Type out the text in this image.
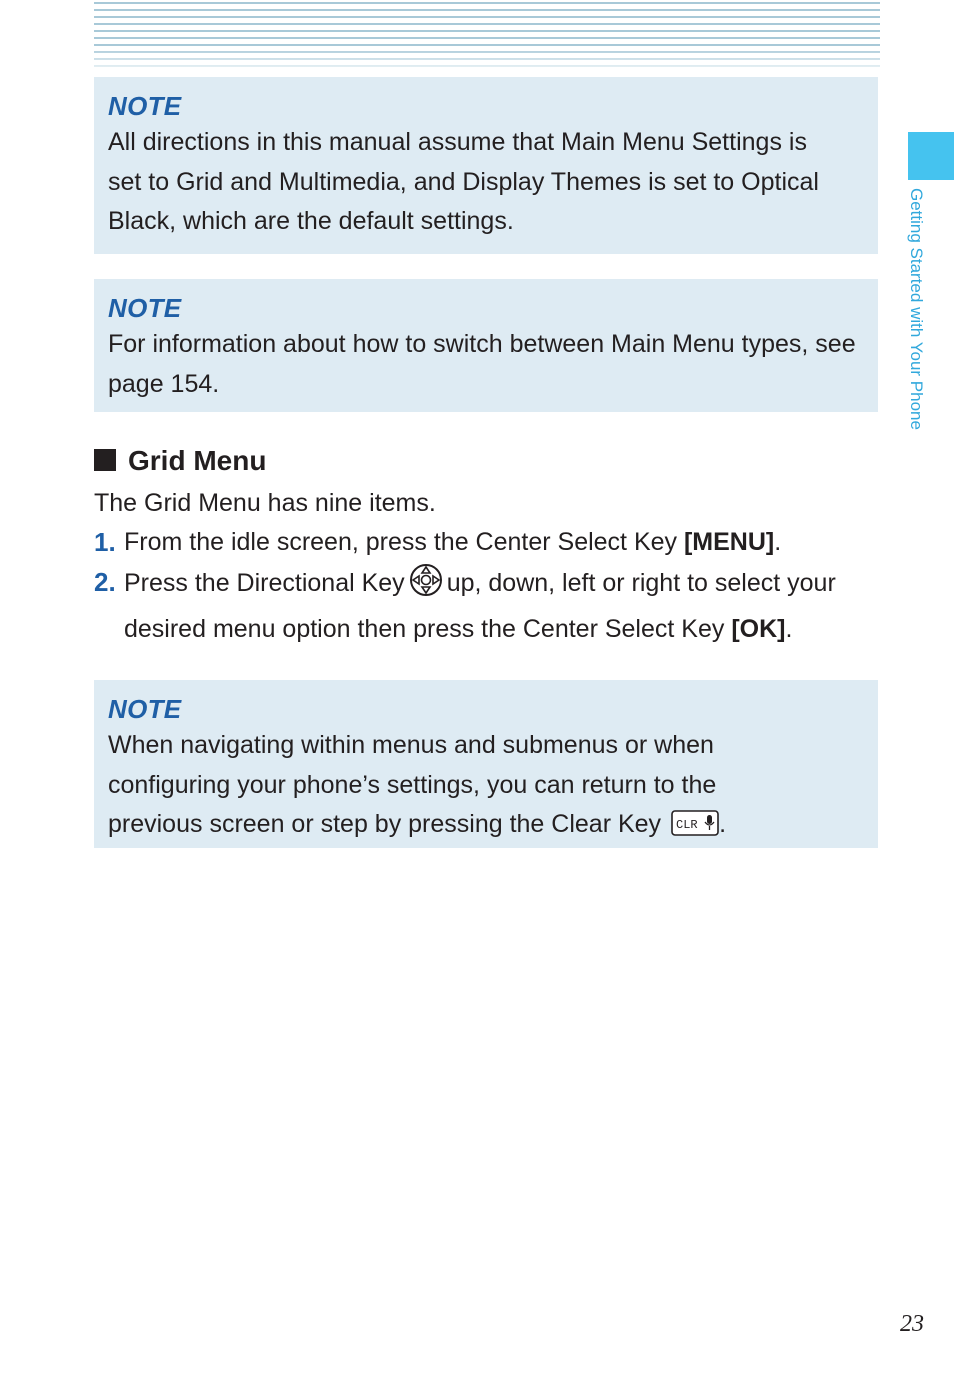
Getting Started with Your Phone
NOTE
All directions in this manual assume that Main Menu Settings is set to Grid and Multimedia, and Display Themes is set to Optical Black, which are the default settings.
NOTE
For information about how to switch between Main Menu types, see page 154.
Grid Menu
The Grid Menu has nine items.
1. From the idle screen, press the Center Select Key [MENU].
2. Press the Directional Key up, down, left or right to select your desired menu option then press the Center Select Key [OK].
NOTE
When navigating within menus and submenus or when configuring your phone’s settings, you can return to the previous screen or step by pressing the Clear Key CLR .
23
